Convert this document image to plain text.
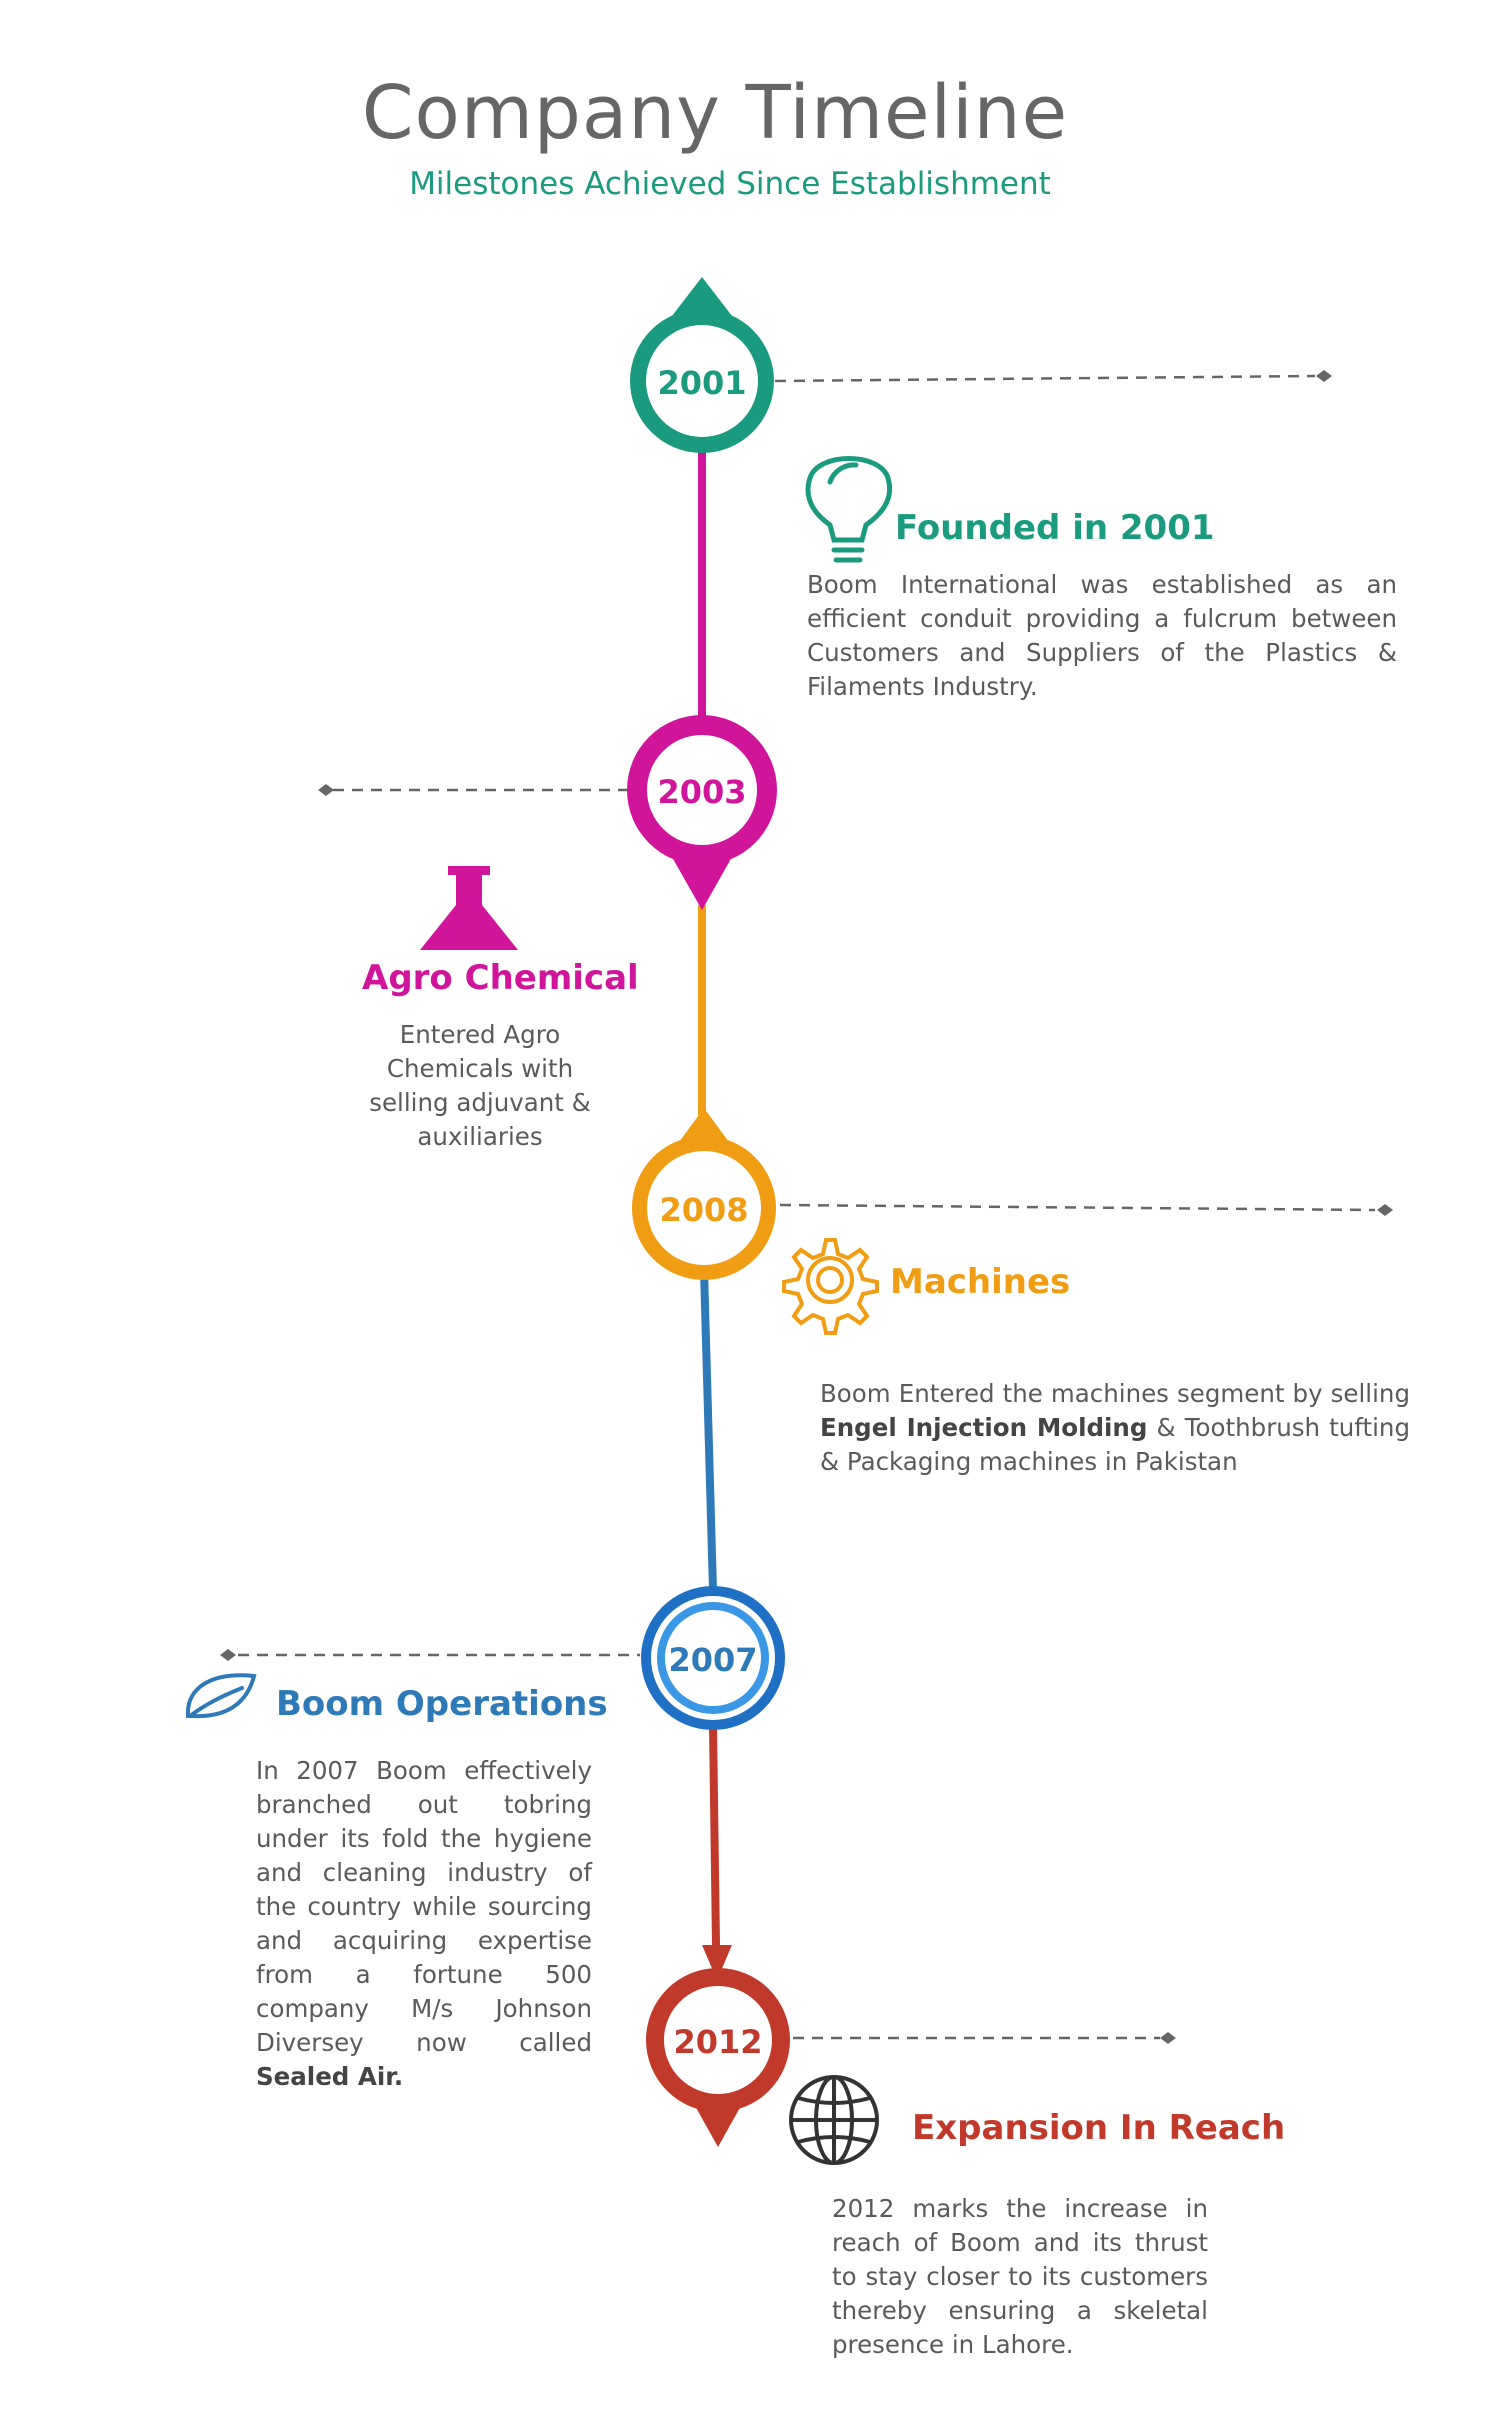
2001
2003
2008
2007
2012
Company Timeline
Milestones Achieved Since Establishment
Founded in 2001
Boom International was established as an efficient conduit providing a fulcrum between Customers and Suppliers of the Plastics & Filaments Industry.
Agro Chemical
Entered Agro
Chemicals with
selling adjuvant &
auxiliaries
Machines
Boom Entered the machines segment by selling Engel Injection Molding & Toothbrush tufting & Packaging machines in Pakistan
Boom Operations
In 2007 Boom effectively branched out tobring under its fold the hygiene and cleaning industry of the country while sourcing and acquiring expertise from a fortune 500 company M/s Johnson Diversey now called Sealed Air.
Expansion In Reach
2012 marks the increase in reach of Boom and its thrust to stay closer to its customers thereby ensuring a skeletal presence in Lahore.
